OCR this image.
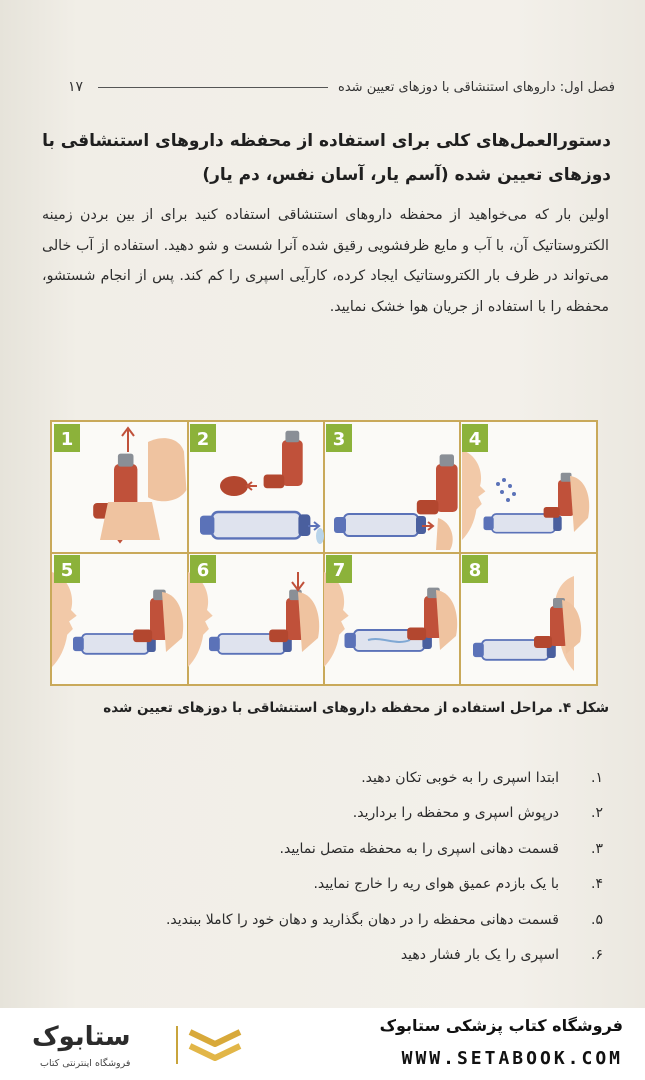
فصل اول: داروهای استنشاقی با دوزهای تعیین شده
۱۷
دستورالعمل‌های کلی برای استفاده از محفظه داروهای استنشاقی با دوزهای تعیین شده (آسم یار، آسان نفس، دم یار)
اولین بار که می‌خواهید از محفظه داروهای استنشاقی استفاده کنید برای از بین بردن زمینه الکتروستاتیک آن، با آب و مایع ظرفشویی رقیق شده آنرا شست و شو دهید. استفاده از آب خالی می‌تواند در ظرف بار الکتروستاتیک ایجاد کرده، کارآیی اسپری را کم کند. پس از انجام شستشو، محفظه را با استفاده از جریان هوا خشک نمایید.
1	2	3	4
5	6	7	8
شکل ۴. مراحل استفاده از محفظه داروهای استنشاقی با دوزهای تعیین شده
۱.
ابتدا اسپری را به خوبی تکان دهید.
۲.
درپوش اسپری و محفظه را بردارید.
۳.
قسمت دهانی اسپری را به محفظه متصل نمایید.
۴.
با یک بازدم عمیق هوای ریه را خارج نمایید.
۵.
قسمت دهانی محفظه را در دهان بگذارید و دهان خود را کاملا ببندید.
۶.
اسپری را یک بار فشار دهید
فروشگاه کتاب پزشکی ستابوک
WWW.SETABOOK.COM
ستابوک
فروشگاه اینترنتی کتاب
